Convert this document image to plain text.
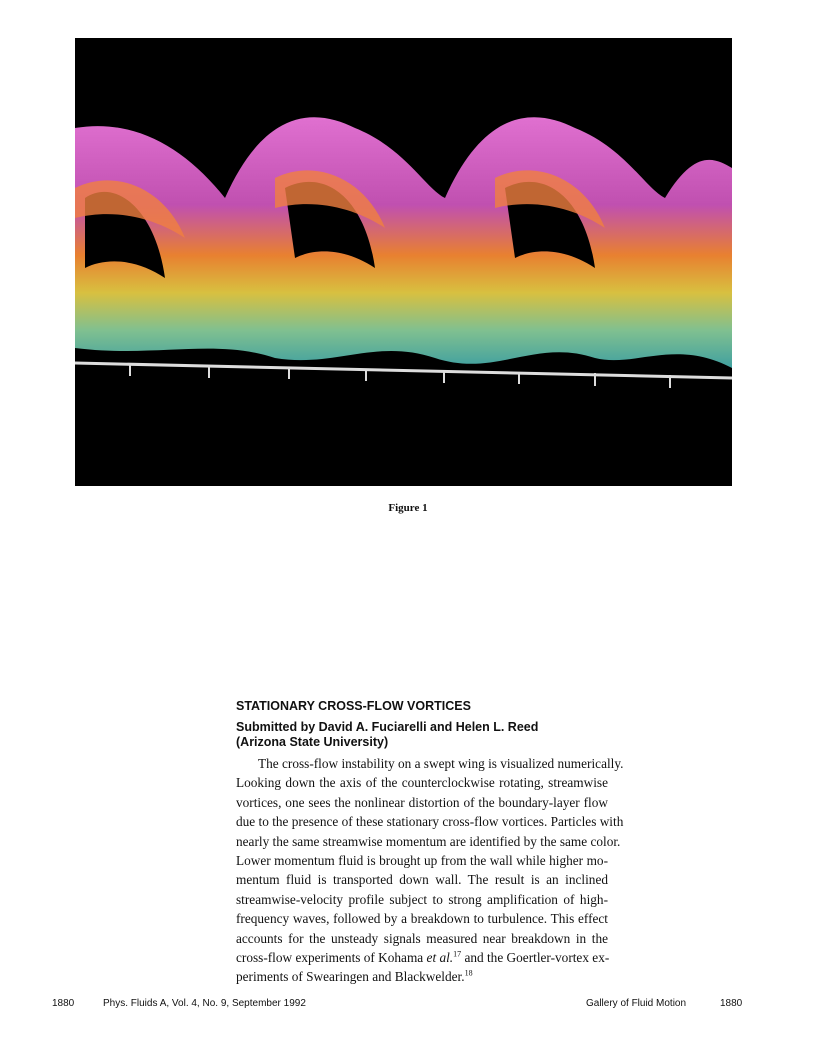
Figure 1
STATIONARY CROSS-FLOW VORTICES
Submitted by David A. Fuciarelli and Helen L. Reed
(Arizona State University)
The cross-flow instability on a swept wing is visualized numerically.
Looking down the axis of the counterclockwise rotating, streamwise
vortices, one sees the nonlinear distortion of the boundary-layer flow
due to the presence of these stationary cross-flow vortices. Particles with
nearly the same streamwise momentum are identified by the same color.
Lower momentum fluid is brought up from the wall while higher mo-
mentum fluid is transported down wall. The result is an inclined
streamwise-velocity profile subject to strong amplification of high-
frequency waves, followed by a breakdown to turbulence. This effect
accounts for the unsteady signals measured near breakdown in the
cross-flow experiments of Kohama et al.$^{17}$ and the Goertler-vortex ex-
periments of Swearingen and Blackwelder.$^{18}$
1880	Phys. Fluids A, Vol. 4, No. 9, September 1992	Gallery of Fluid Motion	1880
